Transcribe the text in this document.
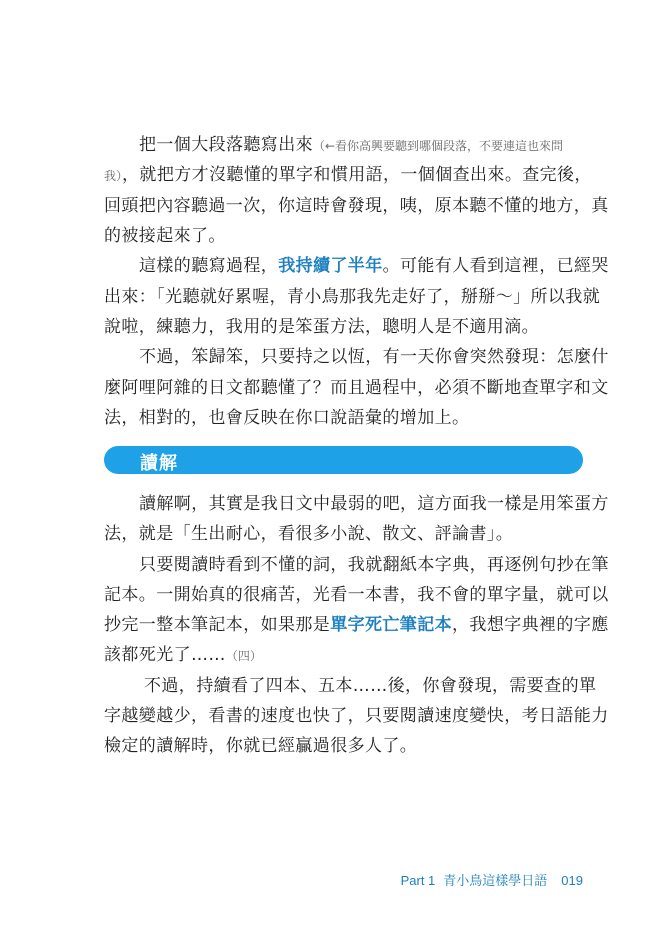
把一個大段落聽寫出來（←看你高興要聽到哪個段落，不要連這也來問
我），就把方才沒聽懂的單字和慣用語，一個個查出來。查完後，
回頭把內容聽過一次，你這時會發現，咦，原本聽不懂的地方，真
的被接起來了。
這樣的聽寫過程，我持續了半年。可能有人看到這裡，已經哭
出來：「光聽就好累喔，青小鳥那我先走好了，掰掰～」所以我就
說啦，練聽力，我用的是笨蛋方法，聰明人是不適用滴。
不過，笨歸笨，只要持之以恆，有一天你會突然發現：怎麼什
麼阿哩阿雜的日文都聽懂了？而且過程中，必須不斷地查單字和文
法，相對的，也會反映在你口說語彙的增加上。
讀解
讀解啊，其實是我日文中最弱的吧，這方面我一樣是用笨蛋方
法，就是「生出耐心，看很多小說、散文、評論書」。
只要閱讀時看到不懂的詞，我就翻紙本字典，再逐例句抄在筆
記本。一開始真的很痛苦，光看一本書，我不會的單字量，就可以
抄完一整本筆記本，如果那是單字死亡筆記本，我想字典裡的字應
該都死光了……（四）
不過，持續看了四本、五本……後，你會發現，需要查的單
字越變越少，看書的速度也快了，只要閱讀速度變快，考日語能力
檢定的讀解時，你就已經贏過很多人了。
Part 1 青小鳥這樣學日語 019
